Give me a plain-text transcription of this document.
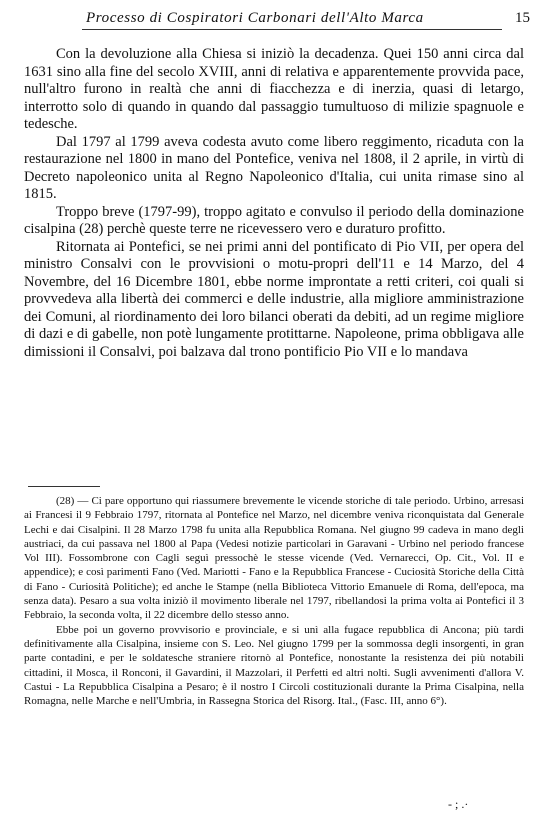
Processo di Cospiratori Carbonari dell'Alto Marca	15

Con la devoluzione alla Chiesa si iniziò la decadenza. Quei 150 anni circa dal 1631 sino alla fine del secolo XVIII, anni di relativa e apparentemente provvida pace, null'altro furono in realtà che anni di fiacchezza e di inerzia, quasi di letargo, interrotto solo di quando in quando dal passaggio tumultuoso di milizie spagnuole e tedesche.

Dal 1797 al 1799 aveva codesta avuto come libero reggimento, ricaduta con la restaurazione nel 1800 in mano del Pontefice, veniva nel 1808, il 2 aprile, in virtù di Decreto napoleonico unita al Regno Napoleonico d'Italia, cui unita rimase sino al 1815.

Troppo breve (1797-99), troppo agitato e convulso il periodo della dominazione cisalpina (28) perchè queste terre ne ricevessero vero e duraturo profitto.

Ritornata ai Pontefici, se nei primi anni del pontificato di Pio VII, per opera del ministro Consalvi con le provvisioni o motu-propri dell'11 e 14 Marzo, del 4 Novembre, del 16 Dicembre 1801, ebbe norme improntate a retti criteri, coi quali si provvedeva alla libertà dei commerci e delle industrie, alla migliore amministrazione dei Comuni, al riordinamento dei loro bilanci oberati da debiti, ad un regime migliore di dazi e di gabelle, non potè lungamente protittarne. Napoleone, prima obbligava alle dimissioni il Consalvi, poi balzava dal trono pontificio Pio VII e lo mandava

(28) — Ci pare opportuno qui riassumere brevemente le vicende storiche di tale periodo. Urbino, arresasi ai Francesi il 9 Febbraio 1797, ritornata al Pontefice nel Marzo, nel dicembre veniva riconquistata dal Generale Lechi e dai Cisalpini. Il 28 Marzo 1798 fu unita alla Repubblica Romana. Nel giugno 99 cadeva in mano degli austriaci, da cui passava nel 1800 al Papa (Vedesi notizie particolari in Garavani - Urbino nel periodo francese Vol III). Fossombrone con Cagli seguì pressochè le stesse vicende (Ved. Vernarecci, Op. Cit., Vol. II e appendice); e così parimenti Fano (Ved. Mariotti - Fano e la Repubblica Francese - Cuciosità Storiche della Città di Fano - Curiosità Politiche); ed anche le Stampe (nella Biblioteca Vittorio Emanuele di Roma, dell'epoca, ma senza data). Pesaro a sua volta iniziò il movimento liberale nel 1797, ribellandosi la prima volta ai Pontefici il 3 Febbraio, la seconda volta, il 22 dicembre dello stesso anno.

Ebbe poi un governo provvisorio e provinciale, e si unì alla fugace repubblica di Ancona; più tardi definitivamente alla Cisalpina, insieme con S. Leo. Nel giugno 1799 per la sommossa degli insorgenti, in gran parte contadini, e per le soldatesche straniere ritornò al Pontefice, nonostante la resistenza dei più notabili cittadini, il Mosca, il Ronconi, il Gavardini, il Mazzolari, il Perfetti ed altri nolti. Sugli avvenimenti d'allora V. Castui - La Repubblica Cisalpina a Pesaro; è il nostro I Circoli costituzionali durante la Prima Cisalpina, nella Romagna, nelle Marche e nell'Umbria, in Rassegna Storica del Risorg. Ital., (Fasc. III, anno 6°).

- ; .·
